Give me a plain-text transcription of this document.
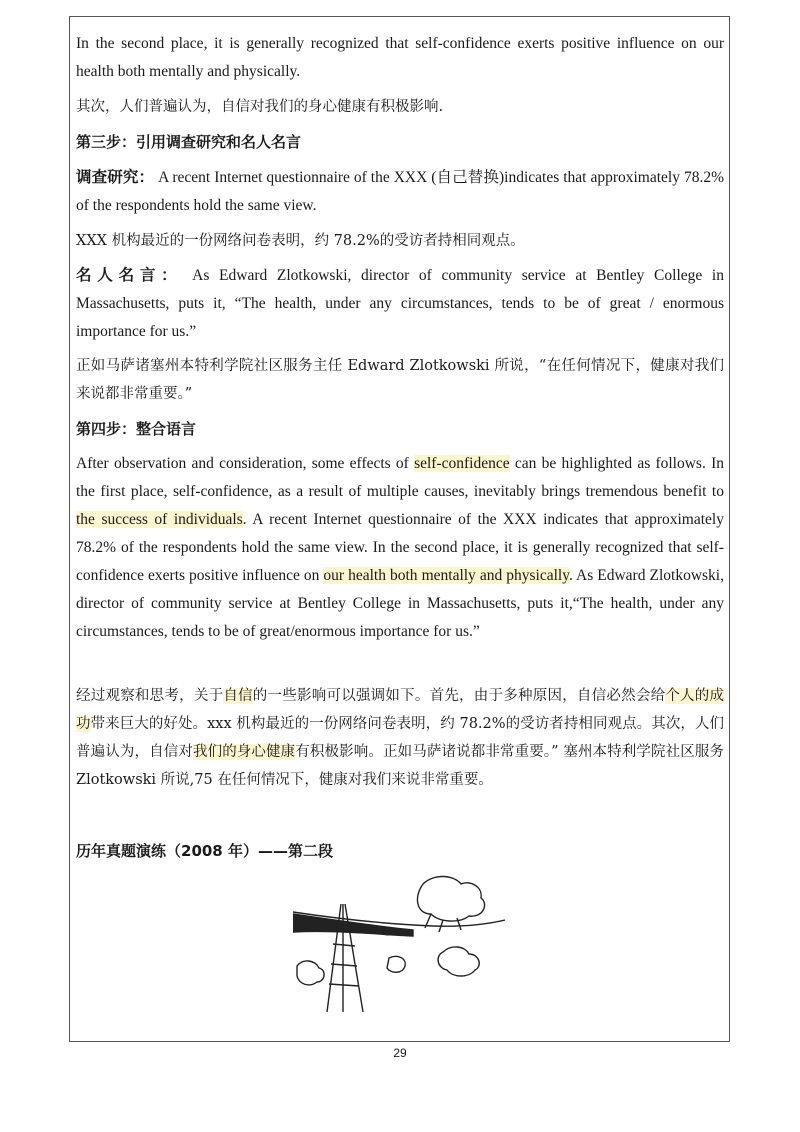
In the second place, it is generally recognized that self-confidence exerts positive influence on our health both mentally and physically.

其次，人们普遍认为，自信对我们的身心健康有积极影响.

第三步：引用调查研究和名人名言

调查研究： A recent Internet questionnaire of the XXX (自己替换)indicates that approximately 78.2% of the respondents hold the same view.

XXX 机构最近的一份网络问卷表明，约 78.2%的受访者持相同观点。

名人名言： As Edward Zlotkowski, director of community service at Bentley College in Massachusetts, puts it, “The health, under any circumstances, tends to be of great / enormous importance for us.”

正如马萨诸塞州本特利学院社区服务主任 Edward Zlotkowski 所说，“在任何情况下，健康对我们来说都非常重要。”

第四步：整合语言

After observation and consideration, some effects of self-confidence can be highlighted as follows. In the first place, self-confidence, as a result of multiple causes, inevitably brings tremendous benefit to the success of individuals. A recent Internet questionnaire of the XXX indicates that approximately 78.2% of the respondents hold the same view. In the second place, it is generally recognized that self-confidence exerts positive influence on our health both mentally and physically. As Edward Zlotkowski, director of community service at Bentley College in Massachusetts, puts it,“The health, under any circumstances, tends to be of great/enormous importance for us.”

经过观察和思考，关于自信的一些影响可以强调如下。首先，由于多种原因，自信必然会给个人的成功带来巨大的好处。xxx 机构最近的一份网络问卷表明，约 78.2%的受访者持相同观点。其次，人们普遍认为，自信对我们的身心健康有积极影响。正如马萨诸说都非常重要。” 塞州本特利学院社区服务 Zlotkowski 所说,75 在任何情况下，健康对我们来说非常重要。

历年真题演练（2008 年）——第二段

29
